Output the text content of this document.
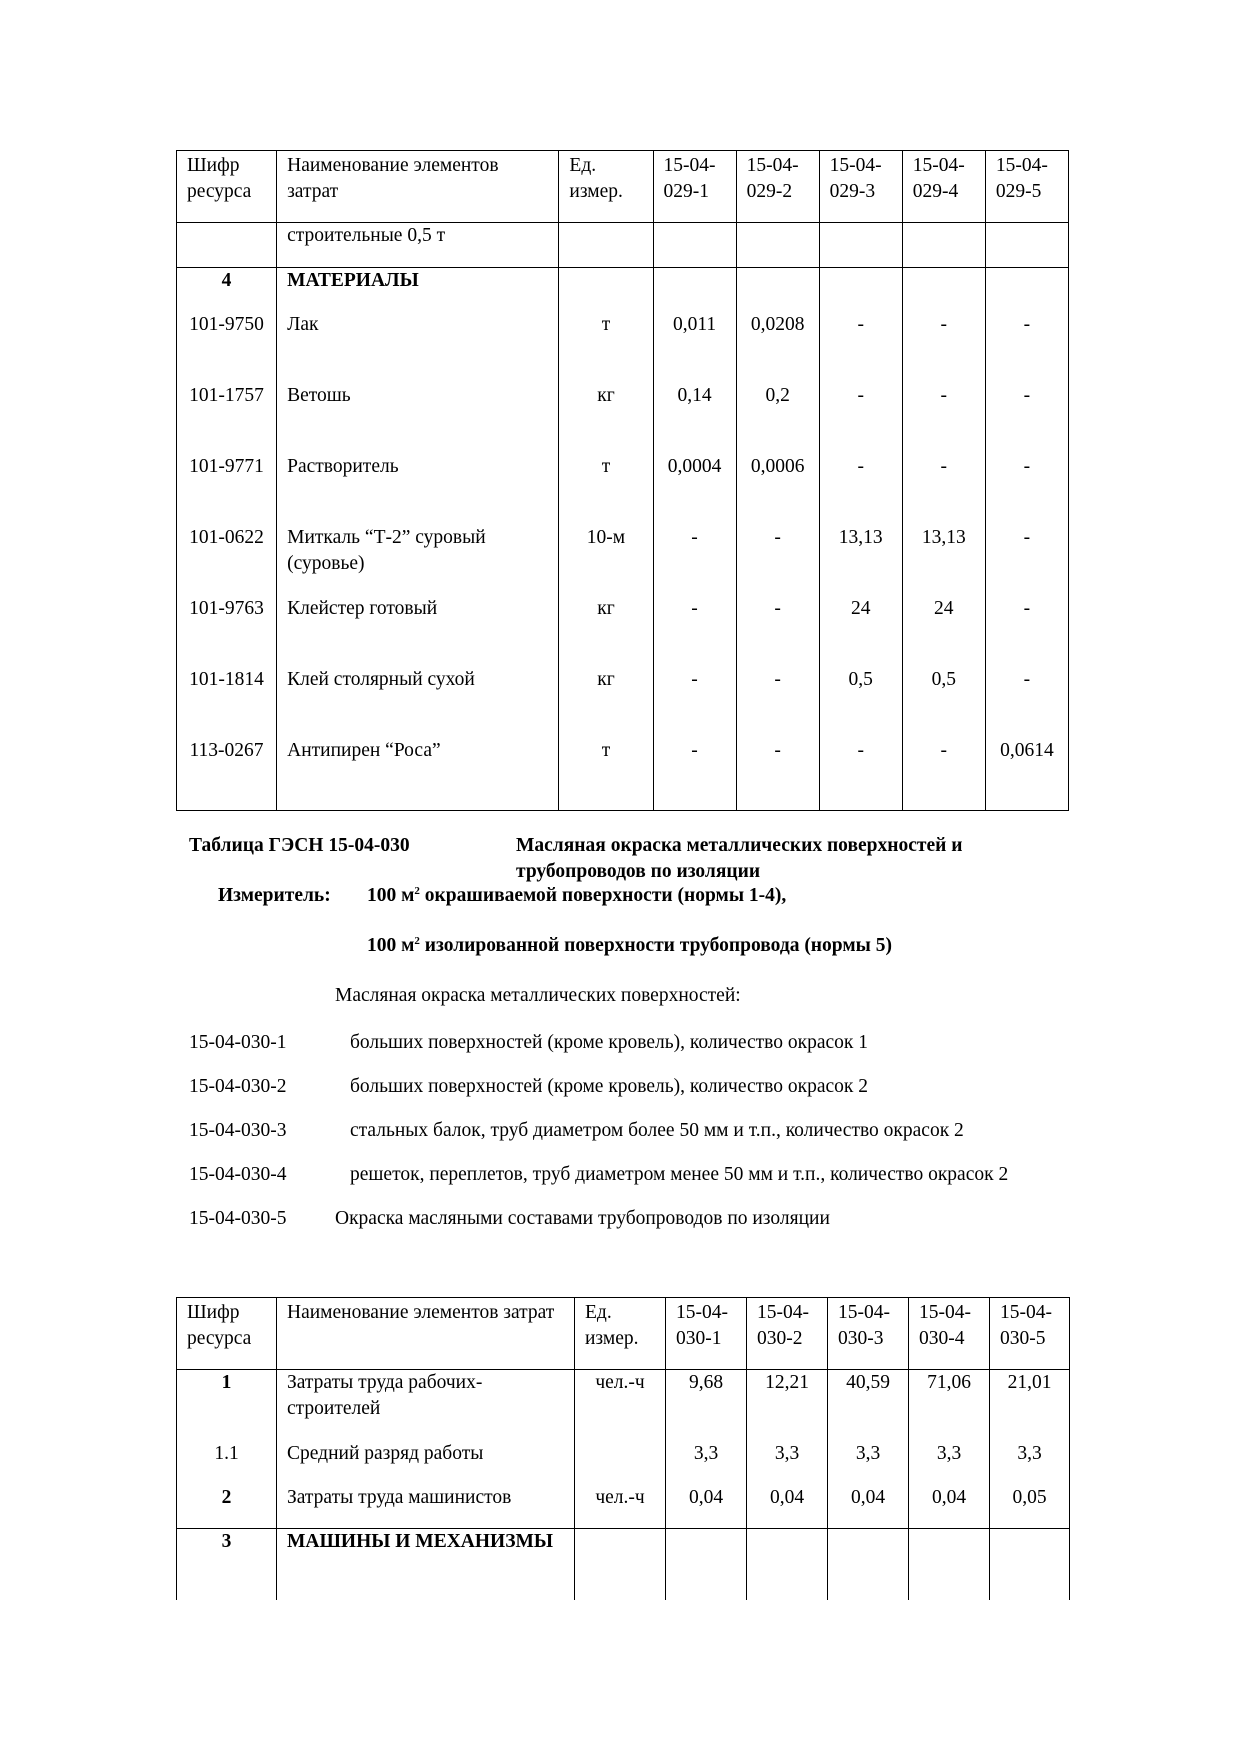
Шифр ресурса	Наименование элементов затрат	Ед. измер.	15-04-029-1	15-04-029-2	15-04-029-3	15-04-029-4	15-04-029-5
	строительные 0,5 т						
4	МАТЕРИАЛЫ						
101-9750	Лак	т	0,011	0,0208	-	-	-
101-1757	Ветошь	кг	0,14	0,2	-	-	-
101-9771	Растворитель	т	0,0004	0,0006	-	-	-
101-0622	Миткаль “Т-2” суровый (суровье)	10-м	-	-	13,13	13,13	-
101-9763	Клейстер готовый	кг	-	-	24	24	-
101-1814	Клей столярный сухой	кг	-	-	0,5	0,5	-
113-0267	Антипирен “Роса”	т	-	-	-	-	0,0614
Таблица ГЭСН 15-04-030	Масляная окраска металлических поверхностей и трубопроводов по изоляции
Измеритель: 100 $м^2$ окрашиваемой поверхности (нормы 1-4),
100 $м^2$ изолированной поверхности трубопровода (нормы 5)
Масляная окраска металлических поверхностей:
15-04-030-1	больших поверхностей (кроме кровель), количество окрасок 1
15-04-030-2	больших поверхностей (кроме кровель), количество окрасок 2
15-04-030-3	стальных балок, труб диаметром более 50 мм и т.п., количество окрасок 2
15-04-030-4	решеток, переплетов, труб диаметром менее 50 мм и т.п., количество окрасок 2
15-04-030-5 Окраска масляными составами трубопроводов по изоляции
Шифр ресурса	Наименование элементов затрат	Ед. измер.	15-04-030-1	15-04-030-2	15-04-030-3	15-04-030-4	15-04-030-5
1	Затраты труда рабочих-строителей	чел.-ч	9,68	12,21	40,59	71,06	21,01
1.1	Средний разряд работы		3,3	3,3	3,3	3,3	3,3
2	Затраты труда машинистов	чел.-ч	0,04	0,04	0,04	0,04	0,05
3	МАШИНЫ И МЕХАНИЗМЫ						
